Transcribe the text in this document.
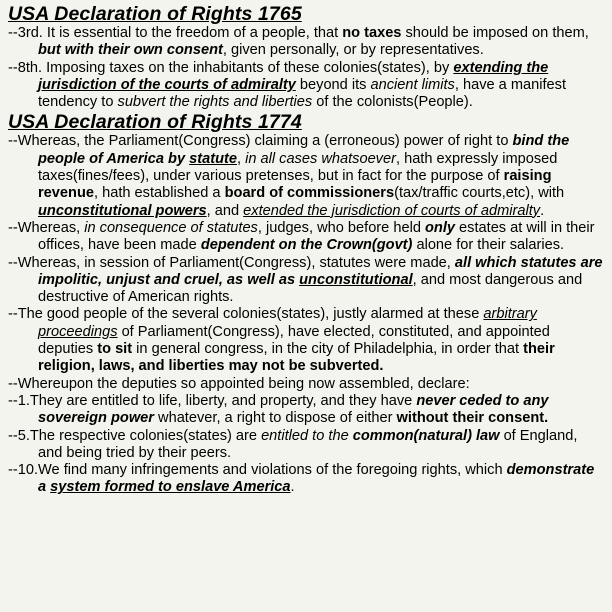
USA Declaration of Rights 1765

--3rd. It is essential to the freedom of a people, that no taxes should be imposed on them, but with their own consent, given personally, or by representatives.

--8th. Imposing taxes on the inhabitants of these colonies(states), by extending the jurisdiction of the courts of admiralty beyond its ancient limits, have a manifest tendency to subvert the rights and liberties of the colonists(People).

USA Declaration of Rights 1774

--Whereas, the Parliament(Congress) claiming a (erroneous) power of right to bind the people of America by statute, in all cases whatsoever, hath expressly imposed taxes(fines/fees), under various pretenses, but in fact for the purpose of raising revenue, hath established a board of commissioners(tax/traffic courts,etc), with unconstitutional powers, and extended the jurisdiction of courts of admiralty.

--Whereas, in consequence of statutes, judges, who before held only estates at will in their offices, have been made dependent on the Crown(govt) alone for their salaries.

--Whereas, in session of Parliament(Congress), statutes were made, all which statutes are impolitic, unjust and cruel, as well as unconstitutional, and most dangerous and destructive of American rights.

--The good people of the several colonies(states), justly alarmed at these arbitrary proceedings of Parliament(Congress), have elected, constituted, and appointed deputies to sit in general congress, in the city of Philadelphia, in order that their religion, laws, and liberties may not be subverted.

--Whereupon the deputies so appointed being now assembled, declare:

--1.They are entitled to life, liberty, and property, and they have never ceded to any sovereign power whatever, a right to dispose of either without their consent.

--5.The respective colonies(states) are entitled to the common(natural) law of England, and being tried by their peers.

--10.We find many infringements and violations of the foregoing rights, which demonstrate a system formed to enslave America.
